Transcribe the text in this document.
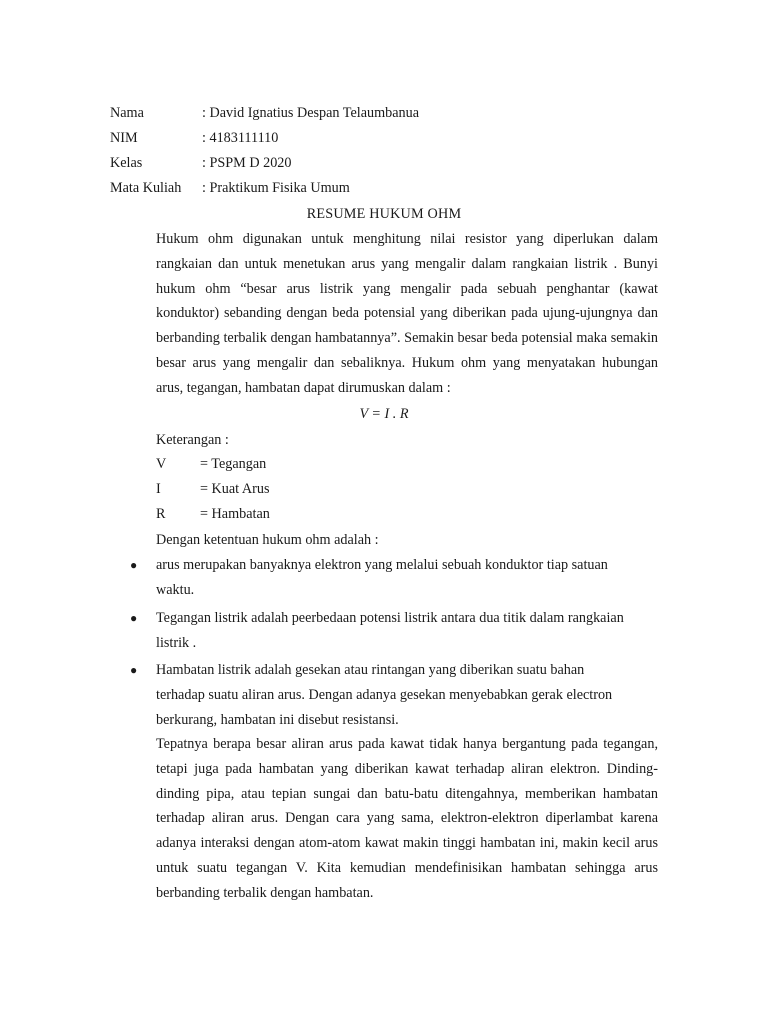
Nama	: David Ignatius Despan Telaumbanua
NIM	: 4183111110
Kelas	: PSPM D 2020
Mata Kuliah : Praktikum Fisika Umum
RESUME HUKUM OHM
Hukum ohm digunakan untuk menghitung nilai resistor yang diperlukan dalam rangkaian dan untuk menetukan arus yang mengalir dalam rangkaian listrik . Bunyi hukum ohm “besar arus listrik yang mengalir pada sebuah penghantar (kawat konduktor) sebanding dengan beda potensial yang diberikan pada ujung-ujungnya dan berbanding terbalik dengan hambatannya”. Semakin besar beda potensial maka semakin besar arus yang mengalir dan sebaliknya. Hukum ohm yang menyatakan hubungan arus, tegangan, hambatan dapat dirumuskan dalam :
V = I . R
Keterangan :
V = Tegangan
I	= Kuat Arus
R = Hambatan
Dengan ketentuan hukum ohm adalah :
●	arus merupakan banyaknya elektron yang melalui sebuah konduktor tiap satuan waktu.
●	Tegangan listrik adalah peerbedaan potensi listrik antara dua titik dalam rangkaian listrik .
●	Hambatan listrik adalah gesekan atau rintangan yang diberikan suatu bahan terhadap suatu aliran arus. Dengan adanya gesekan menyebabkan gerak electron berkurang, hambatan ini disebut resistansi.
Tepatnya berapa besar aliran arus pada kawat tidak hanya bergantung pada tegangan, tetapi juga pada hambatan yang diberikan kawat terhadap aliran elektron. Dinding-dinding pipa, atau tepian sungai dan batu-batu ditengahnya, memberikan hambatan terhadap aliran arus. Dengan cara yang sama, elektron-elektron diperlambat karena adanya interaksi dengan atom-atom kawat makin tinggi hambatan ini, makin kecil arus untuk suatu tegangan V. Kita kemudian mendefinisikan hambatan sehingga arus berbanding terbalik dengan hambatan.
